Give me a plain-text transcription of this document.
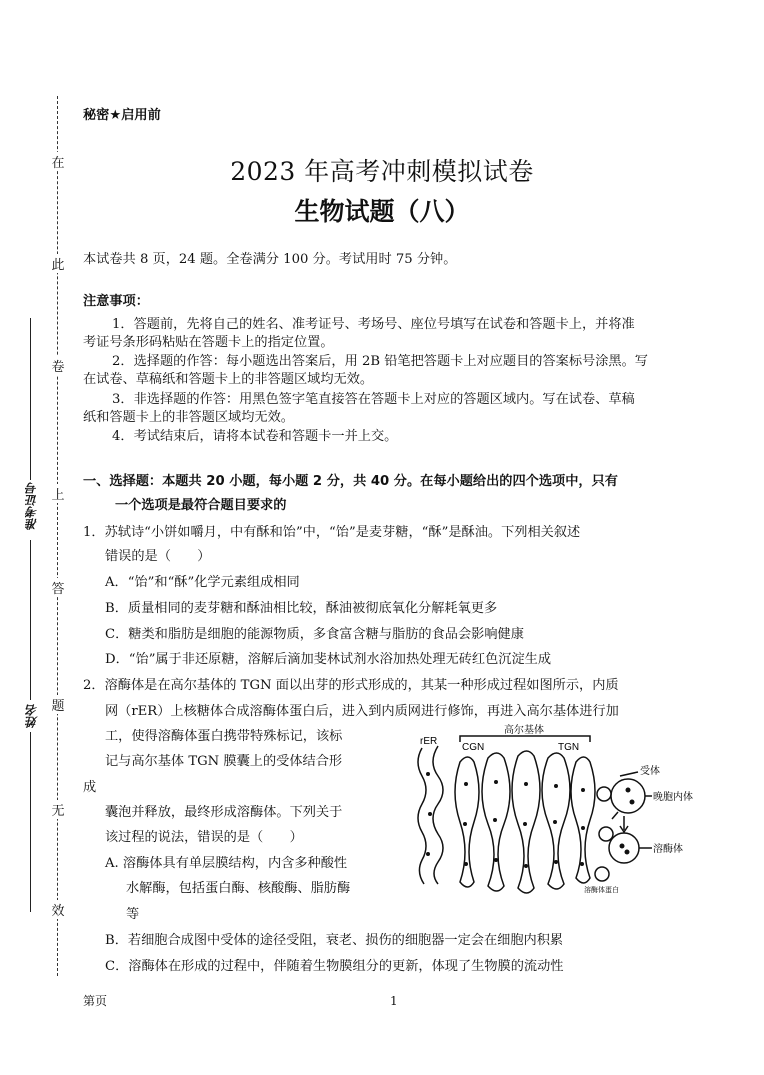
在
此
卷
上
答
题
无
效
准考证号
姓名
秘密★启用前
2023 年高考冲刺模拟试卷
生物试题（八）
本试卷共 8 页，24 题。全卷满分 100 分。考试用时 75 分钟。
注意事项：
1．答题前，先将自己的姓名、准考证号、考场号、座位号填写在试卷和答题卡上，并将准
考证号条形码粘贴在答题卡上的指定位置。
2．选择题的作答：每小题选出答案后，用 2B 铅笔把答题卡上对应题目的答案标号涂黑。写
在试卷、草稿纸和答题卡上的非答题区域均无效。
3．非选择题的作答：用黑色签字笔直接答在答题卡上对应的答题区域内。写在试卷、草稿
纸和答题卡上的非答题区域均无效。
4．考试结束后，请将本试卷和答题卡一并上交。
一、选择题：本题共 20 小题，每小题 2 分，共 40 分。在每小题给出的四个选项中，只有
一个选项是最符合题目要求的
1．苏轼诗“小饼如嚼月，中有酥和饴”中，“饴”是麦芽糖，“酥”是酥油。下列相关叙述
错误的是（　　）
A．“饴”和“酥”化学元素组成相同
B．质量相同的麦芽糖和酥油相比较，酥油被彻底氧化分解耗氧更多
C．糖类和脂肪是细胞的能源物质，多食富含糖与脂肪的食品会影响健康
D．“饴”属于非还原糖，溶解后滴加斐林试剂水浴加热处理无砖红色沉淀生成
2．溶酶体是在高尔基体的 TGN 面以出芽的形式形成的，其某一种形成过程如图所示，内质
网（rER）上核糖体合成溶酶体蛋白后，进入到内质网进行修饰，再进入高尔基体进行加
工，使得溶酶体蛋白携带特殊标记，该标
记与高尔基体 TGN 膜囊上的受体结合形
成
囊泡并释放，最终形成溶酶体。下列关于
该过程的说法，错误的是（　　）
A. 溶酶体具有单层膜结构，内含多种酸性
水解酶，包括蛋白酶、核酸酶、脂肪酶
等
B．若细胞合成图中受体的途径受阻，衰老、损伤的细胞器一定会在细胞内积累
C．溶酶体在形成的过程中，伴随着生物膜组分的更新，体现了生物膜的流动性
rER
CGN
高尔基体
TGN
受体
晚胞内体
溶酶体
溶酶体蛋白
第页	1
